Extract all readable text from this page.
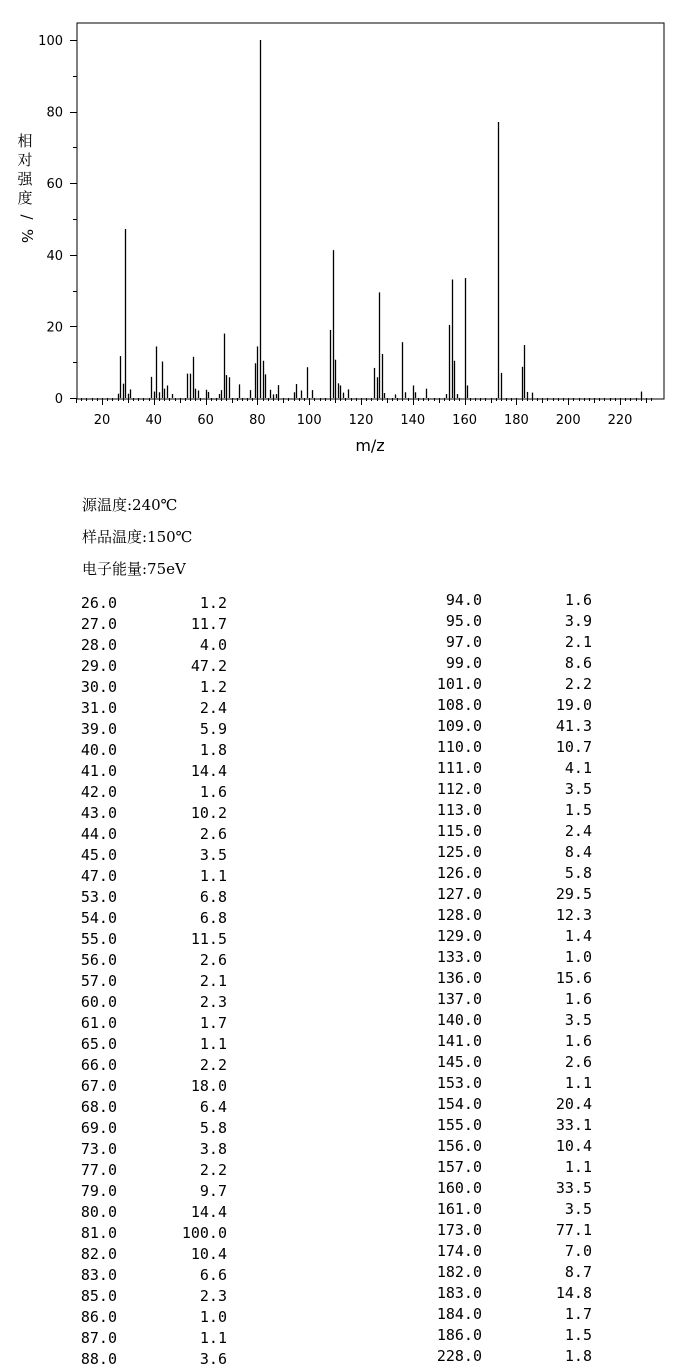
20	40	60	80 100 120 140 160 180 200 220
0
20
40
60
80
100
m/z
相
对
强
度
/
%
源温度:240℃
样品温度:150℃
电子能量:75eV
26.0	1.2
27.0	11.7
28.0	4.0
29.0	47.2
30.0	1.2
31.0	2.4
39.0	5.9
40.0	1.8
41.0	14.4
42.0	1.6
43.0	10.2
44.0	2.6
45.0	3.5
47.0	1.1
53.0	6.8
54.0	6.8
55.0	11.5
56.0	2.6
57.0	2.1
60.0	2.3
61.0	1.7
65.0	1.1
66.0	2.2
67.0	18.0
68.0	6.4
69.0	5.8
73.0	3.8
77.0	2.2
79.0	9.7
80.0	14.4
81.0	100.0
82.0	10.4
83.0	6.6
85.0	2.3
86.0	1.0
87.0	1.1
88.0	3.6
94.0	1.6
95.0	3.9
97.0	2.1
99.0	8.6
101.0	2.2
108.0	19.0
109.0	41.3
110.0	10.7
111.0	4.1
112.0	3.5
113.0	1.5
115.0	2.4
125.0	8.4
126.0	5.8
127.0	29.5
128.0	12.3
129.0	1.4
133.0	1.0
136.0	15.6
137.0	1.6
140.0	3.5
141.0	1.6
145.0	2.6
153.0	1.1
154.0	20.4
155.0	33.1
156.0	10.4
157.0	1.1
160.0	33.5
161.0	3.5
173.0	77.1
174.0	7.0
182.0	8.7
183.0	14.8
184.0	1.7
186.0	1.5
228.0	1.8
